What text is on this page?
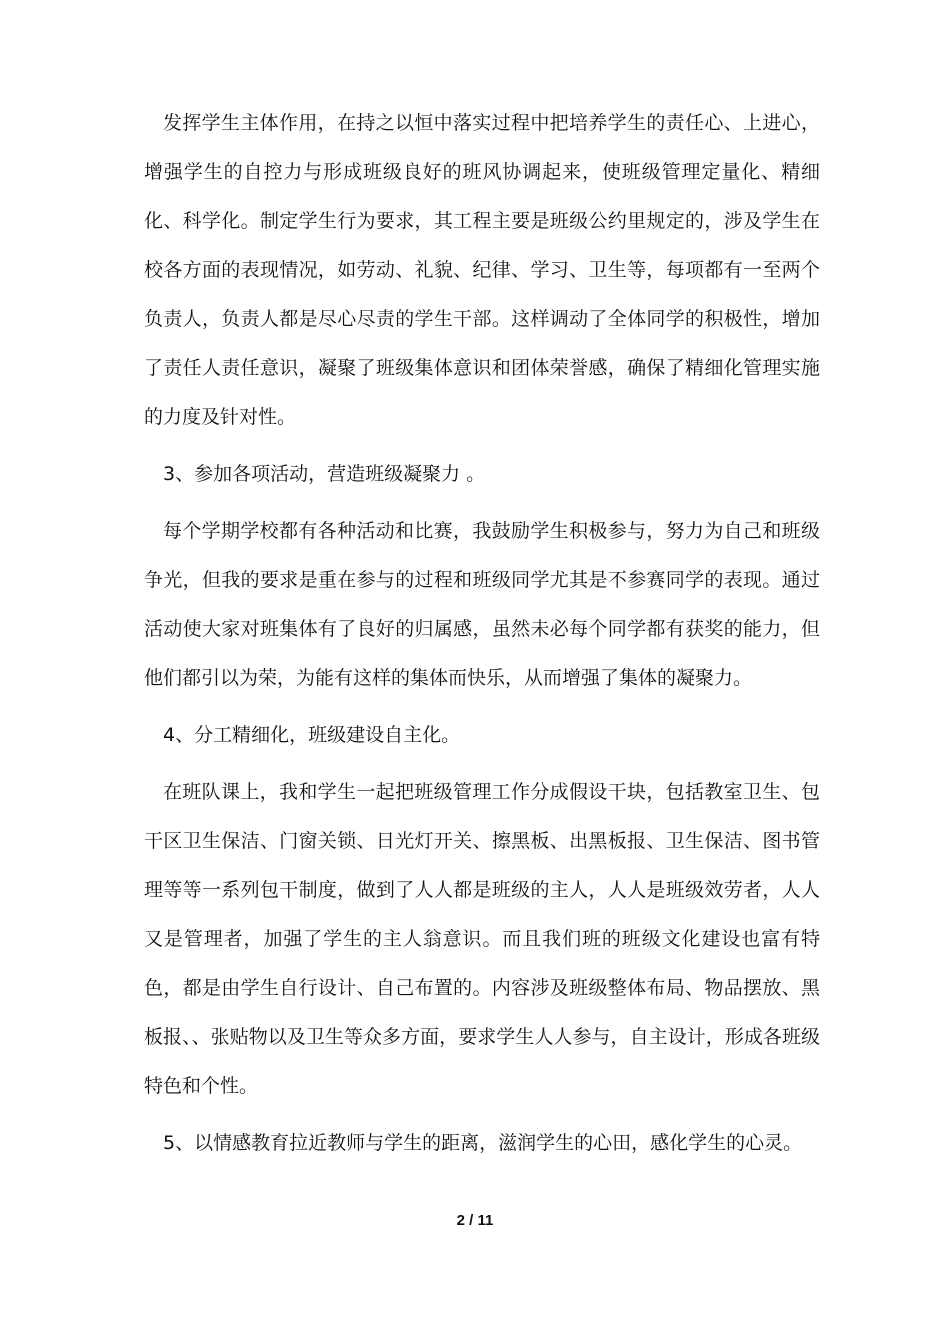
发挥学生主体作用，在持之以恒中落实过程中把培养学生的责任心、上进心，增强学生的自控力与形成班级良好的班风协调起来，使班级管理定量化、精细化、科学化。制定学生行为要求，其工程主要是班级公约里规定的，涉及学生在校各方面的表现情况，如劳动、礼貌、纪律、学习、卫生等，每项都有一至两个负责人，负责人都是尽心尽责的学生干部。这样调动了全体同学的积极性，增加了责任人责任意识，凝聚了班级集体意识和团体荣誉感，确保了精细化管理实施的力度及针对性。

3、参加各项活动，营造班级凝聚力 。

每个学期学校都有各种活动和比赛，我鼓励学生积极参与，努力为自己和班级争光，但我的要求是重在参与的过程和班级同学尤其是不参赛同学的表现。通过活动使大家对班集体有了良好的归属感，虽然未必每个同学都有获奖的能力，但他们都引以为荣，为能有这样的集体而快乐，从而增强了集体的凝聚力。

4、分工精细化，班级建设自主化。

在班队课上，我和学生一起把班级管理工作分成假设干块，包括教室卫生、包干区卫生保洁、门窗关锁、日光灯开关、擦黑板、出黑板报、卫生保洁、图书管理等等一系列包干制度，做到了人人都是班级的主人，人人是班级效劳者，人人又是管理者，加强了学生的主人翁意识。而且我们班的班级文化建设也富有特色，都是由学生自行设计、自己布置的。内容涉及班级整体布局、物品摆放、黑板报、、张贴物以及卫生等众多方面，要求学生人人参与，自主设计，形成各班级特色和个性。

5、以情感教育拉近教师与学生的距离，滋润学生的心田，感化学生的心灵。

2 / 11
